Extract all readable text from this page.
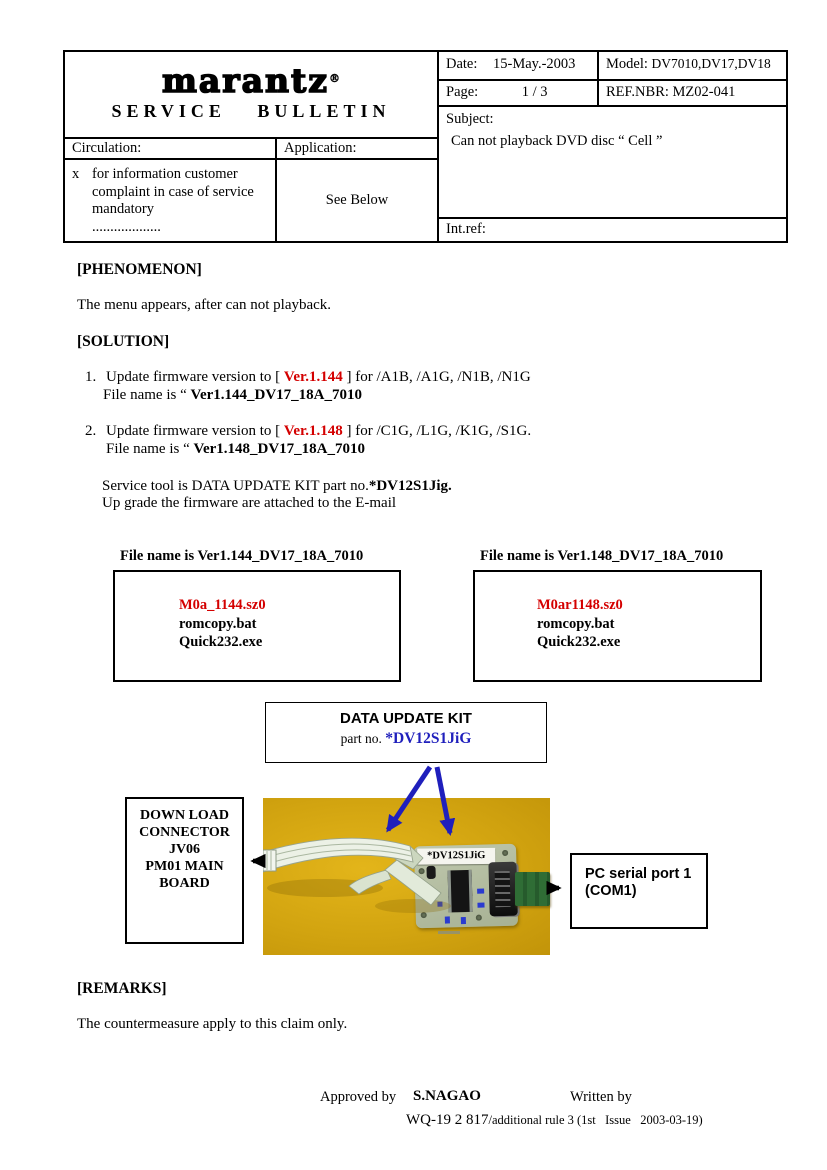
marantz®
SERVICE BULLETIN
Circulation:	Application:
x for information customer
complaint in case of service
mandatory
...................
See Below
Date:	15-May.-2003	Model: DV7010,DV17,DV18
Page:	1 / 3	REF.NBR: MZ02-041
Subject:
Can not playback DVD disc “ Cell ”
Int.ref:
[PHENOMENON]
The menu appears, after can not playback.
[SOLUTION]
1. Update firmware version to [ Ver.1.144 ] for /A1B, /A1G, /N1B, /N1G
File name is “ Ver1.144_DV17_18A_7010
2. Update firmware version to [ Ver.1.148 ] for /C1G, /L1G, /K1G, /S1G.
File name is “ Ver1.148_DV17_18A_7010
Service tool is DATA UPDATE KIT part no.*DV12S1Jig.
Up grade the firmware are attached to the E-mail
File name is Ver1.144_DV17_18A_7010	File name is Ver1.148_DV17_18A_7010
M0a_1144.sz0
romcopy.bat
Quick232.exe
M0ar1148.sz0
romcopy.bat
Quick232.exe
DATA UPDATE KIT
part no. *DV12S1JiG
DOWN LOAD
CONNECTOR
JV06
PM01 MAIN
BOARD
PC serial port 1
(COM1)
*DV12S1JiG
[REMARKS]
The countermeasure apply to this claim only.
Approved by S.NAGAO	Written by
WQ-19 2 817/additional rule 3 (1st   Issue   2003-03-19)
